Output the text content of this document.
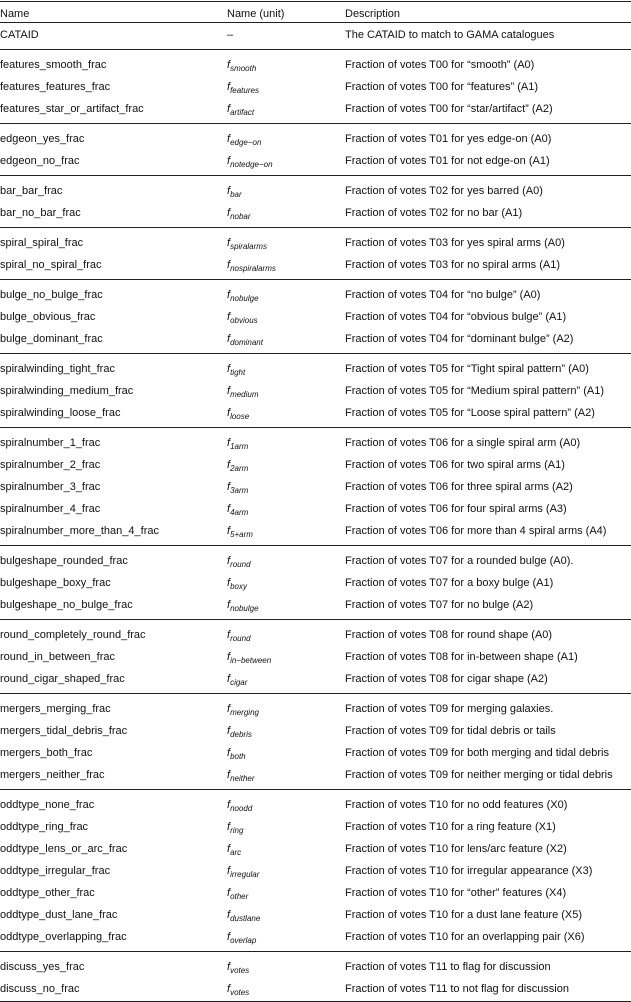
Name	Name (unit)	Description
CATAID	–	The CATAID to match to GAMA catalogues
features_smooth_frac	$f_{smooth}$	Fraction of votes T00 for “smooth” (A0)
features_features_frac	$f_{features}$	Fraction of votes T00 for “features” (A1)
features_star_or_artifact_frac	$f_{artifact}$	Fraction of votes T00 for “star/artifact” (A2)
edgeon_yes_frac	$f_{edge-on}$	Fraction of votes T01 for yes edge-on (A0)
edgeon_no_frac	$f_{notedge-on}$	Fraction of votes T01 for not edge-on (A1)
bar_bar_frac	$f_{bar}$	Fraction of votes T02 for yes barred (A0)
bar_no_bar_frac	$f_{nobar}$	Fraction of votes T02 for no bar (A1)
spiral_spiral_frac	$f_{spiralarms}$	Fraction of votes T03 for yes spiral arms (A0)
spiral_no_spiral_frac	$f_{nospiralarms}$	Fraction of votes T03 for no spiral arms (A1)
bulge_no_bulge_frac	$f_{nobulge}$	Fraction of votes T04 for “no bulge” (A0)
bulge_obvious_frac	$f_{obvious}$	Fraction of votes T04 for “obvious bulge” (A1)
bulge_dominant_frac	$f_{dominant}$	Fraction of votes T04 for “dominant bulge” (A2)
spiralwinding_tight_frac	$f_{tight}$	Fraction of votes T05 for “Tight spiral pattern” (A0)
spiralwinding_medium_frac	$f_{medium}$	Fraction of votes T05 for “Medium spiral pattern” (A1)
spiralwinding_loose_frac	$f_{loose}$	Fraction of votes T05 for “Loose spiral pattern” (A2)
spiralnumber_1_frac	$f_{1arm}$	Fraction of votes T06 for a single spiral arm (A0)
spiralnumber_2_frac	$f_{2arm}$	Fraction of votes T06 for two spiral arms (A1)
spiralnumber_3_frac	$f_{3arm}$	Fraction of votes T06 for three spiral arms (A2)
spiralnumber_4_frac	$f_{4arm}$	Fraction of votes T06 for four spiral arms (A3)
spiralnumber_more_than_4_frac	$f_{5+arm}$	Fraction of votes T06 for more than 4 spiral arms (A4)
bulgeshape_rounded_frac	$f_{round}$	Fraction of votes T07 for a rounded bulge (A0).
bulgeshape_boxy_frac	$f_{boxy}$	Fraction of votes T07 for a boxy bulge (A1)
bulgeshape_no_bulge_frac	$f_{nobulge}$	Fraction of votes T07 for no bulge (A2)
round_completely_round_frac	$f_{round}$	Fraction of votes T08 for round shape (A0)
round_in_between_frac	$f_{in-between}$	Fraction of votes T08 for in-between shape (A1)
round_cigar_shaped_frac	$f_{cigar}$	Fraction of votes T08 for cigar shape (A2)
mergers_merging_frac	$f_{merging}$	Fraction of votes T09 for merging galaxies.
mergers_tidal_debris_frac	$f_{debris}$	Fraction of votes T09 for tidal debris or tails
mergers_both_frac	$f_{both}$	Fraction of votes T09 for both merging and tidal debris
mergers_neither_frac	$f_{neither}$	Fraction of votes T09 for neither merging or tidal debris
oddtype_none_frac	$f_{noodd}$	Fraction of votes T10 for no odd features (X0)
oddtype_ring_frac	$f_{ring}$	Fraction of votes T10 for a ring feature (X1)
oddtype_lens_or_arc_frac	$f_{arc}$	Fraction of votes T10 for lens/arc feature (X2)
oddtype_irregular_frac	$f_{irregular}$	Fraction of votes T10 for irregular appearance (X3)
oddtype_other_frac	$f_{other}$	Fraction of votes T10 for “other” features (X4)
oddtype_dust_lane_frac	$f_{dustlane}$	Fraction of votes T10 for a dust lane feature (X5)
oddtype_overlapping_frac	$f_{overlap}$	Fraction of votes T10 for an overlapping pair (X6)
discuss_yes_frac	$f_{votes}$	Fraction of votes T11 to flag for discussion
discuss_no_frac	$f_{votes}$	Fraction of votes T11 to not flag for discussion
